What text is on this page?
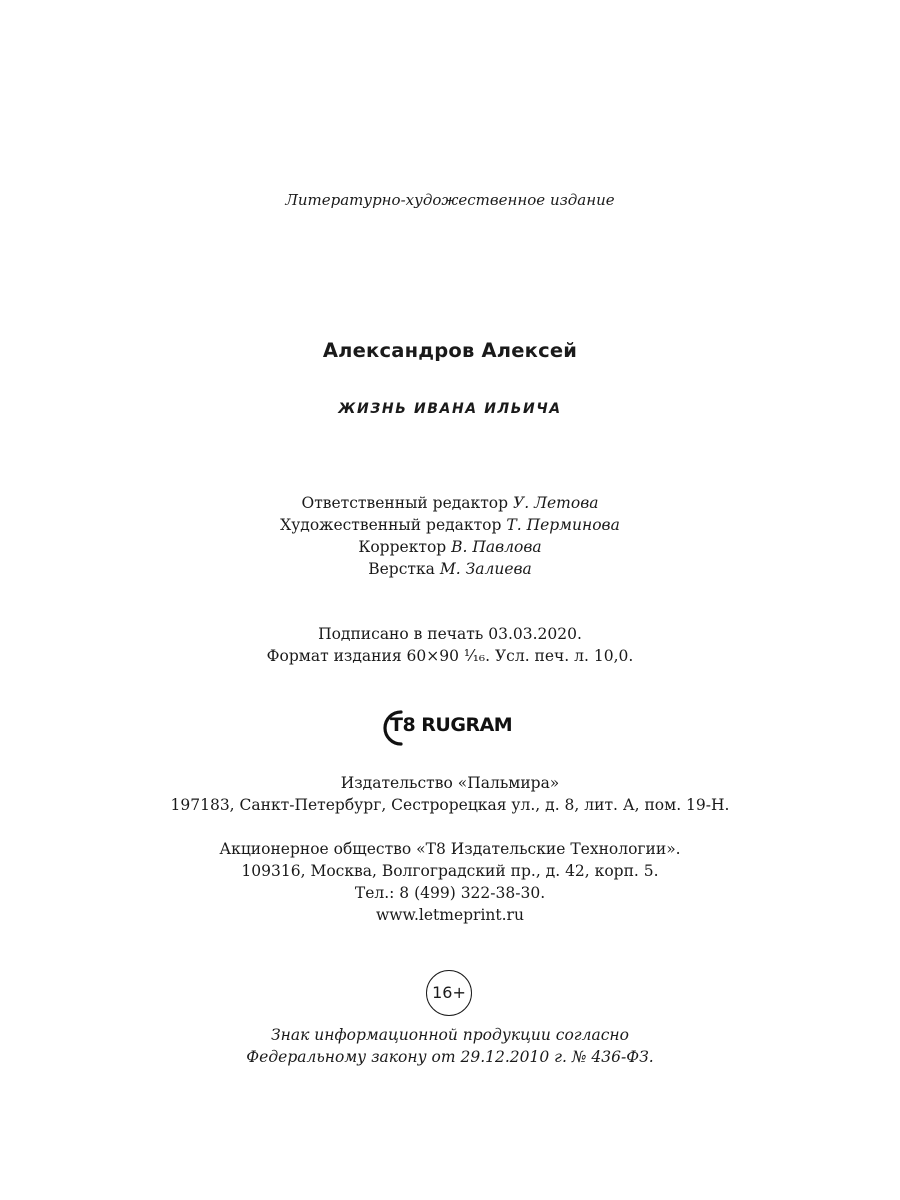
Литературно-художественное издание
Александров Алексей
ЖИЗНЬ ИВАНА ИЛЬИЧА
Ответственный редактор У. Летова
Художественный редактор Т. Перминова
Корректор В. Павлова
Верстка М. Залиева
Подписано в печать 03.03.2020.
Формат издания 60×90 ¹⁄₁₆. Усл. печ. л. 10,0.
T8 RUGRAM
Издательство «Пальмира»
197183, Санкт-Петербург, Сестрорецкая ул., д. 8, лит. А, пом. 19-Н.
Акционерное общество «Т8 Издательские Технологии».
109316, Москва, Волгоградский пр., д. 42, корп. 5.
Тел.: 8 (499) 322-38-30.
www.letmeprint.ru
16+
Знак информационной продукции согласно
Федеральному закону от 29.12.2010 г. № 436-ФЗ.
